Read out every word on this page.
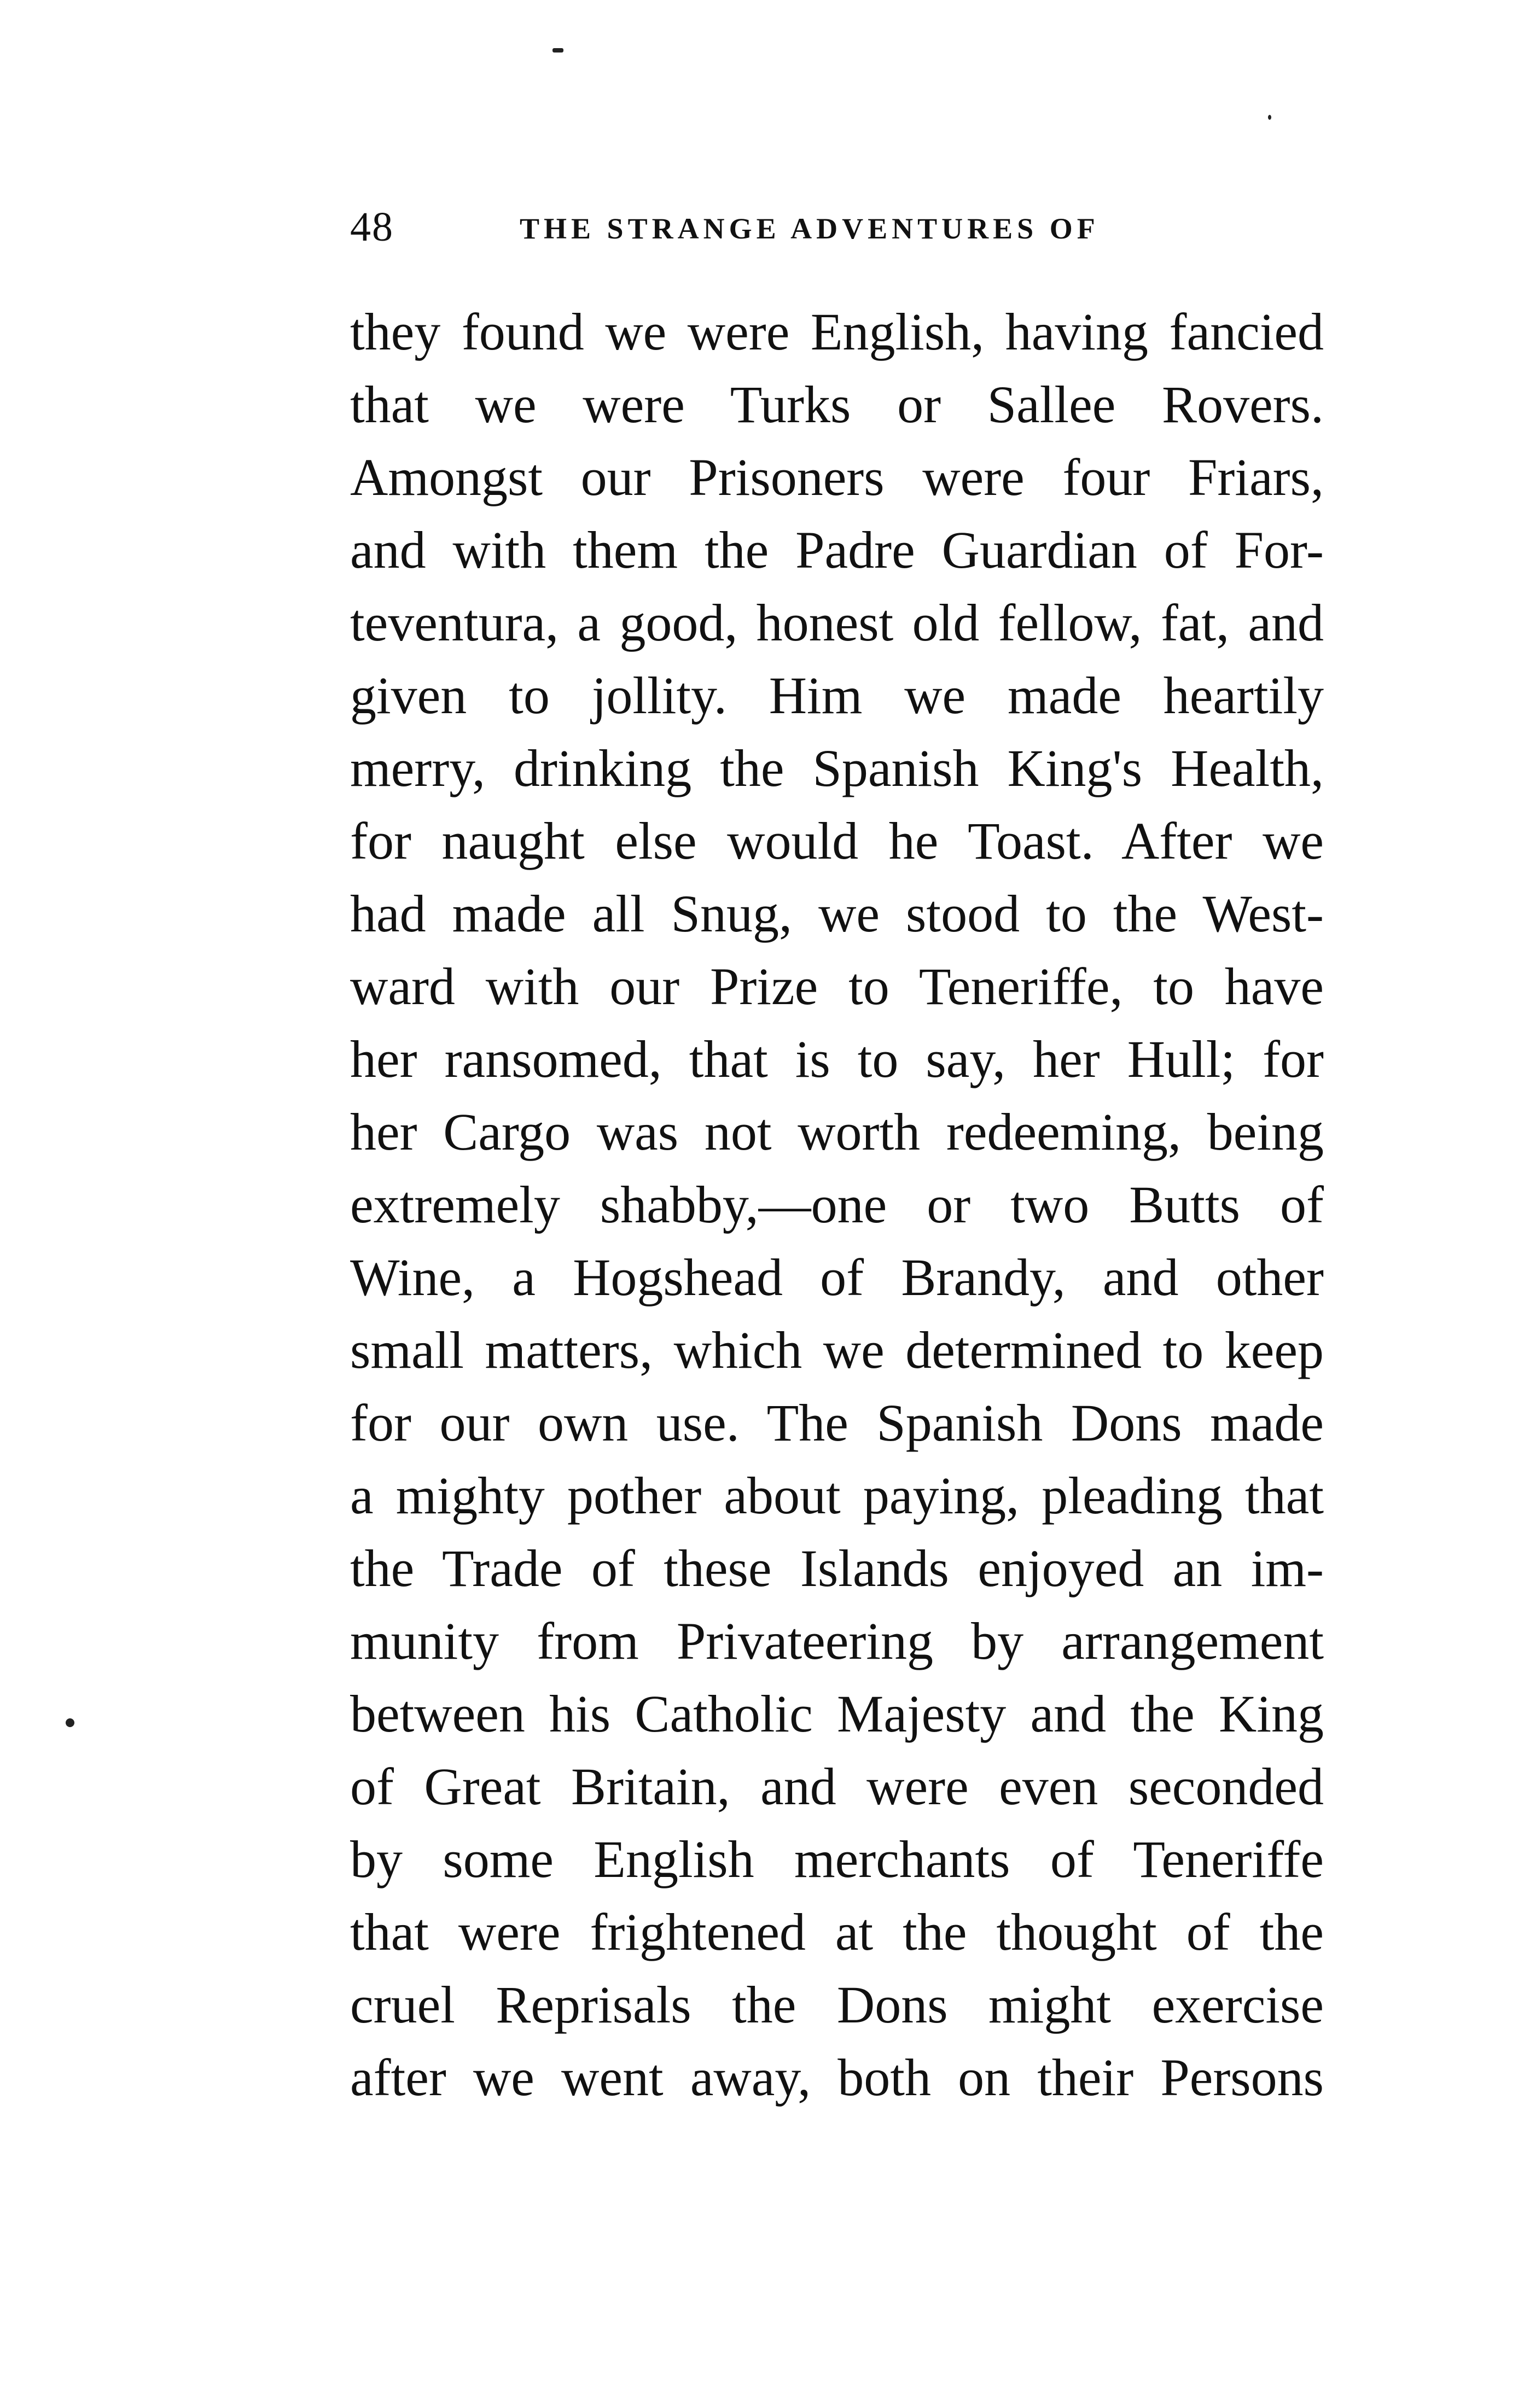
48	THE STRANGE ADVENTURES OF
they found we were English, having fancied
that we were Turks or Sallee Rovers.
Amongst our Prisoners were four Friars,
and with them the Padre Guardian of For-
teventura, a good, honest old fellow, fat, and
given to jollity. Him we made heartily
merry, drinking the Spanish King's Health,
for naught else would he Toast. After we
had made all Snug, we stood to the West-
ward with our Prize to Teneriffe, to have
her ransomed, that is to say, her Hull; for
her Cargo was not worth redeeming, being
extremely shabby,—one or two Butts of
Wine, a Hogshead of Brandy, and other
small matters, which we determined to keep
for our own use. The Spanish Dons made
a mighty pother about paying, pleading that
the Trade of these Islands enjoyed an im-
munity from Privateering by arrangement
between his Catholic Majesty and the King
of Great Britain, and were even seconded
by some English merchants of Teneriffe
that were frightened at the thought of the
cruel Reprisals the Dons might exercise
after we went away, both on their Persons
